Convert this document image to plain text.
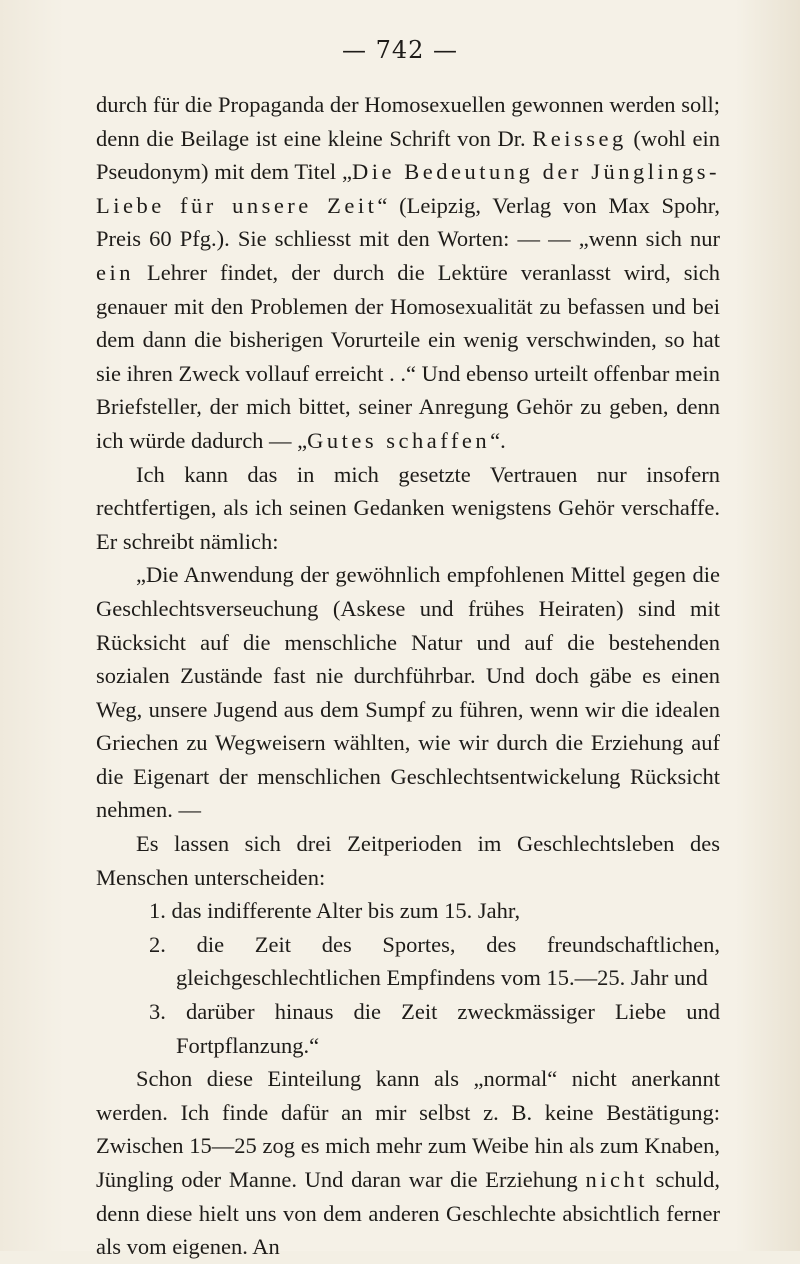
— 742 —

durch für die Propaganda der Homosexuellen gewonnen werden soll; denn die Beilage ist eine kleine Schrift von Dr. Reisseg (wohl ein Pseudonym) mit dem Titel „Die Bedeutung der Jünglings-Liebe für unsere Zeit“ (Leipzig, Verlag von Max Spohr, Preis 60 Pfg.). Sie schliesst mit den Worten: — — „wenn sich nur ein Lehrer findet, der durch die Lektüre veranlasst wird, sich genauer mit den Problemen der Homosexualität zu befassen und bei dem dann die bisherigen Vorurteile ein wenig verschwinden, so hat sie ihren Zweck vollauf erreicht . .“ Und ebenso urteilt offenbar mein Briefsteller, der mich bittet, seiner Anregung Gehör zu geben, denn ich würde dadurch — „Gutes schaffen“.

Ich kann das in mich gesetzte Vertrauen nur insofern rechtfertigen, als ich seinen Gedanken wenigstens Gehör verschaffe. Er schreibt nämlich:

„Die Anwendung der gewöhnlich empfohlenen Mittel gegen die Geschlechtsverseuchung (Askese und frühes Heiraten) sind mit Rücksicht auf die menschliche Natur und auf die bestehenden sozialen Zustände fast nie durchführbar. Und doch gäbe es einen Weg, unsere Jugend aus dem Sumpf zu führen, wenn wir die idealen Griechen zu Wegweisern wählten, wie wir durch die Erziehung auf die Eigenart der menschlichen Geschlechtsentwickelung Rücksicht nehmen. —

Es lassen sich drei Zeitperioden im Geschlechtsleben des Menschen unterscheiden:

1. das indifferente Alter bis zum 15. Jahr,

2. die Zeit des Sportes, des freundschaftlichen, gleichgeschlechtlichen Empfindens vom 15.—25. Jahr und

3. darüber hinaus die Zeit zweckmässiger Liebe und Fortpflanzung.“

Schon diese Einteilung kann als „normal“ nicht anerkannt werden. Ich finde dafür an mir selbst z. B. keine Bestätigung: Zwischen 15—25 zog es mich mehr zum Weibe hin als zum Knaben, Jüngling oder Manne. Und daran war die Erziehung nicht schuld, denn diese hielt uns von dem anderen Geschlechte absichtlich ferner als vom eigenen. An
